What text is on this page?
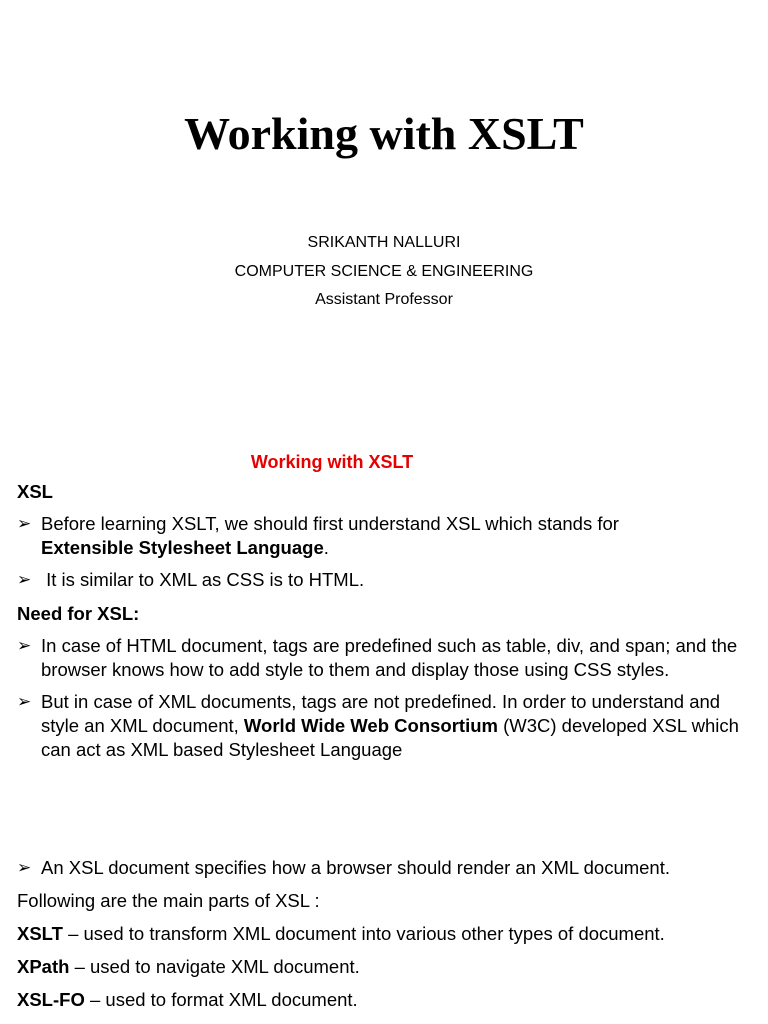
Working with XSLT
SRIKANTH NALLURI
COMPUTER SCIENCE & ENGINEERING
Assistant Professor
Working with XSLT
XSL
➢ Before learning XSLT, we should first understand XSL which stands for
Extensible Stylesheet Language.
➢ It is similar to XML as CSS is to HTML.
Need for XSL:
➢ In case of HTML document, tags are predefined such as table, div, and span; and the browser knows how to add style to them and display those using CSS styles.
➢ But in case of XML documents, tags are not predefined. In order to understand and style an XML document, World Wide Web Consortium (W3C) developed XSL which can act as XML based Stylesheet Language
➢ An XSL document specifies how a browser should render an XML document.
Following are the main parts of XSL :
XSLT – used to transform XML document into various other types of document.
XPath – used to navigate XML document.
XSL-FO – used to format XML document.
